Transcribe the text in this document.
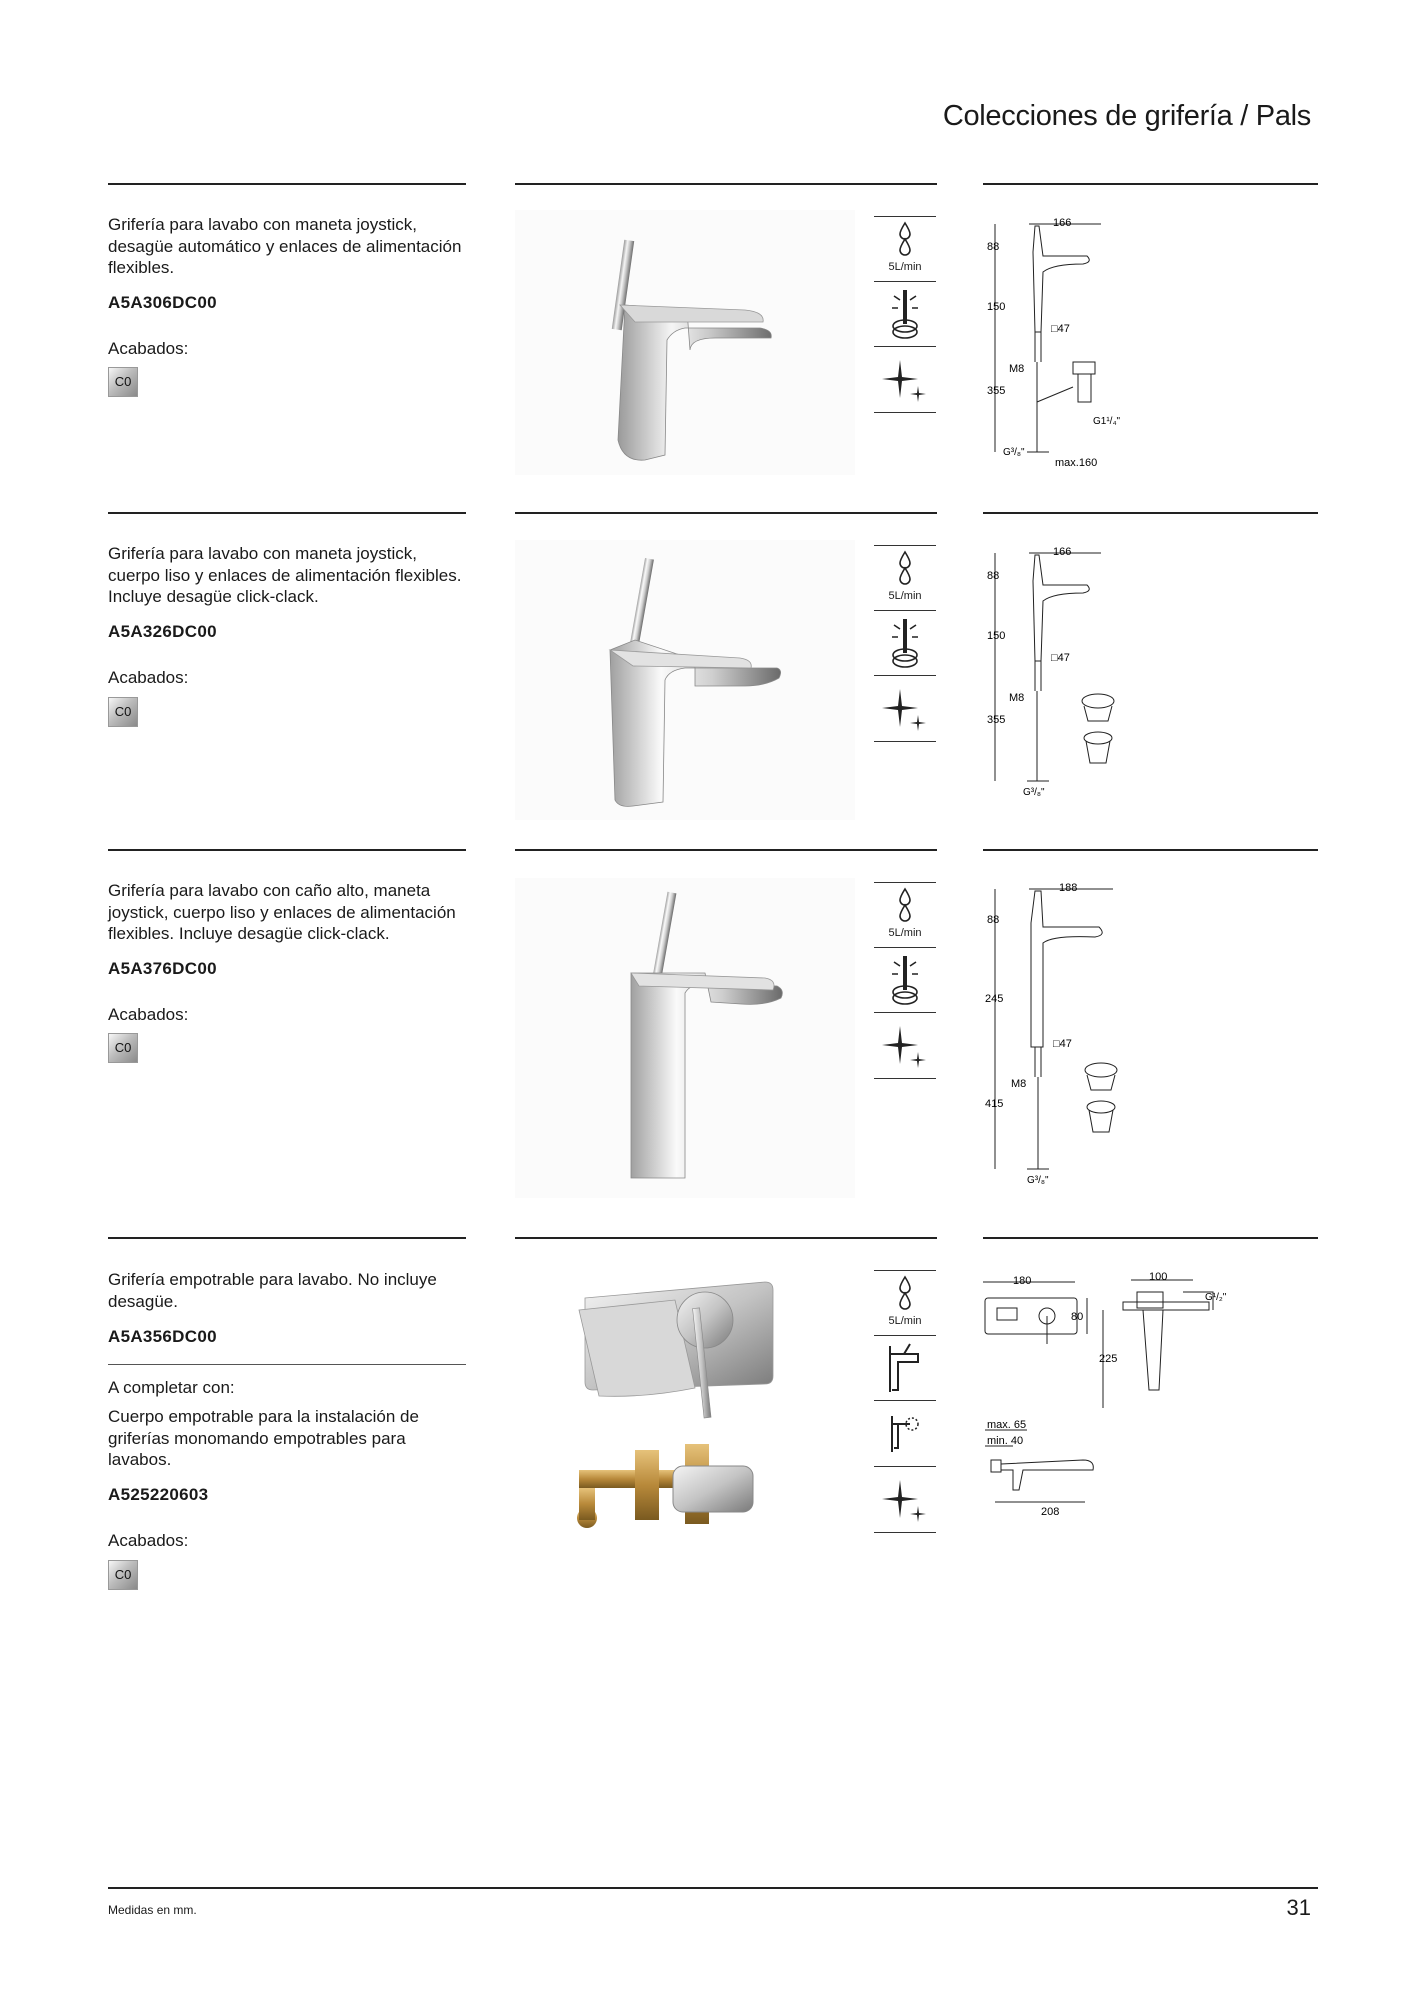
Colecciones de grifería / Pals
Grifería para lavabo con maneta joystick, desagüe automático y enlaces de alimentación flexibles.
A5A306DC00
Acabados:
C0
5L/min
166
88
150
355
□47
M8
G³/₈"
G1¹/₄"
max.160
Grifería para lavabo con maneta joystick, cuerpo liso y enlaces de alimentación flexibles. Incluye desagüe click-clack.
A5A326DC00
Acabados:
C0
5L/min
166
88
150
355
□47
M8
G³/₈"
Grifería para lavabo con caño alto, maneta joystick, cuerpo liso y enlaces de alimentación flexibles. Incluye desagüe click-clack.
A5A376DC00
Acabados:
C0
5L/min
188
88
245
415
□47
M8
G³/₈"
Grifería empotrable para lavabo. No incluye desagüe.
A5A356DC00
A completar con:
Cuerpo empotrable para la instalación de griferías monomando empotrables para lavabos.
A525220603
Acabados:
C0
5L/min
180
80
100
G¹/₂"
225
max. 65
min. 40
208
Medidas en mm.	31
